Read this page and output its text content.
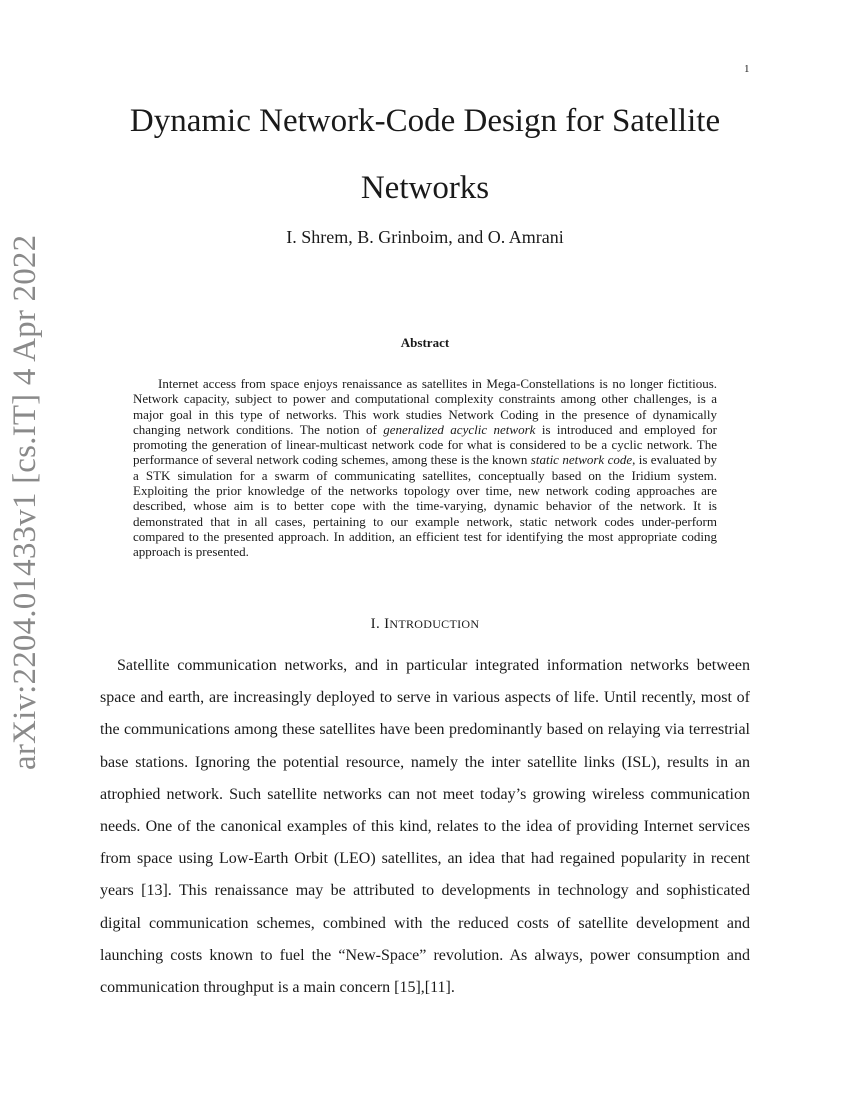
1
arXiv:2204.01433v1 [cs.IT] 4 Apr 2022
Dynamic Network-Code Design for Satellite Networks
I. Shrem, B. Grinboim, and O. Amrani
Abstract

Internet access from space enjoys renaissance as satellites in Mega-Constellations is no longer fictitious. Network capacity, subject to power and computational complexity constraints among other challenges, is a major goal in this type of networks. This work studies Network Coding in the presence of dynamically changing network conditions. The notion of generalized acyclic network is introduced and employed for promoting the generation of linear-multicast network code for what is considered to be a cyclic network. The performance of several network coding schemes, among these is the known static network code, is evaluated by a STK simulation for a swarm of communicating satellites, conceptually based on the Iridium system. Exploiting the prior knowledge of the networks topology over time, new network coding approaches are described, whose aim is to better cope with the time-varying, dynamic behavior of the network. It is demonstrated that in all cases, pertaining to our example network, static network codes under-perform compared to the presented approach. In addition, an efficient test for identifying the most appropriate coding approach is presented.

I. INTRODUCTION

Satellite communication networks, and in particular integrated information networks between space and earth, are increasingly deployed to serve in various aspects of life. Until recently, most of the communications among these satellites have been predominantly based on relaying via terrestrial base stations. Ignoring the potential resource, namely the inter satellite links (ISL), results in an atrophied network. Such satellite networks can not meet today’s growing wireless communication needs. One of the canonical examples of this kind, relates to the idea of providing Internet services from space using Low-Earth Orbit (LEO) satellites, an idea that had regained popularity in recent years [13]. This renaissance may be attributed to developments in technology and sophisticated digital communication schemes, combined with the reduced costs of satellite development and launching costs known to fuel the “New-Space” revolution. As always, power consumption and communication throughput is a main concern [15],[11].
